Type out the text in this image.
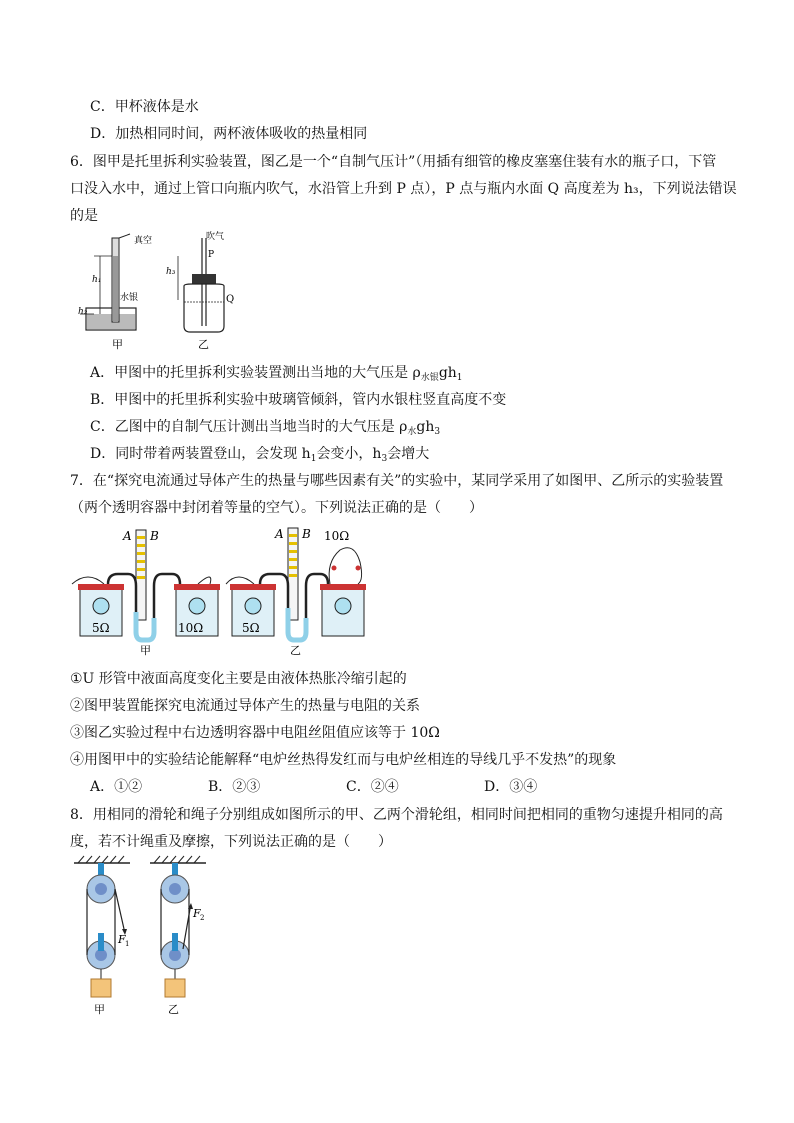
C．甲杯液体是水
D．加热相同时间，两杯液体吸收的热量相同
6．图甲是托里拆利实验装置，图乙是一个“自制气压计”（用插有细管的橡皮塞塞住装有水的瓶子口，下管
口没入水中，通过上管口向瓶内吹气，水沿管上升到 P 点），P 点与瓶内水面 Q 高度差为 h₃，下列说法错误
的是
真空
h₁
h₂
水银
甲
吹气
P
h₃
Q
乙
A．甲图中的托里拆利实验装置测出当地的大气压是 $\rho_{水银}gh_1$
B．甲图中的托里拆利实验中玻璃管倾斜，管内水银柱竖直高度不变
C．乙图中的自制气压计测出当地当时的大气压是 $\rho_水gh_3$
D．同时带着两装置登山，会发现 $h_1$会变小，$h_3$会增大
7．在“探究电流通过导体产生的热量与哪些因素有关”的实验中，某同学采用了如图甲、乙所示的实验装置
（两个透明容器中封闭着等量的空气）。下列说法正确的是（　　）
A B
5Ω	10Ω
甲
A B 10Ω
5Ω
乙
①U 形管中液面高度变化主要是由液体热胀冷缩引起的
②图甲装置能探究电流通过导体产生的热量与电阻的关系
③图乙实验过程中右边透明容器中电阻丝阻值应该等于 10Ω
④用图甲中的实验结论能解释“电炉丝热得发红而与电炉丝相连的导线几乎不发热”的现象
A．①②	B．②③	C．②④	D．③④
8．用相同的滑轮和绳子分别组成如图所示的甲、乙两个滑轮组，相同时间把相同的重物匀速提升相同的高
度，若不计绳重及摩擦，下列说法正确的是（　　）
F 1
甲
F 2
乙
